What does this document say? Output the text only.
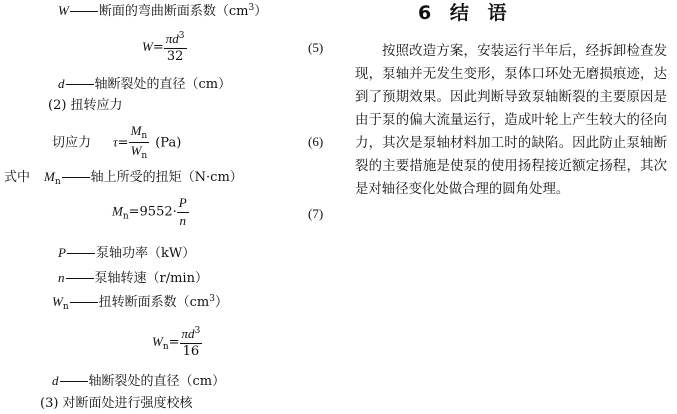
W 断面的弯曲断面系数$(cm^3)$
$W= \frac{\pi d^3}{32}$	(5)
d 轴断裂处的直径（cm）
(2) 扭转应力
切应力 $\tau= \frac{M_n}{W_n} (Pa)$	(6)
式中 $M_n$ 轴上所受的扭矩（N·cm）
$M_n=9552\cdot \frac{P}{n}$	(7)
P 泵轴功率（kW）
n 泵轴转速（r/min）
$W_n$ 扭转断面系数$(cm^3)$
$W_n= \frac{\pi d^3}{16}$
d 轴断裂处的直径（cm）
(3) 对断面处进行强度校核
6 结 语
按照改造方案，安装运行半年后，经拆卸检查发现，泵轴并无发生变形，泵体口环处无磨损痕迹，达到了预期效果。因此判断导致泵轴断裂的主要原因是由于泵的偏大流量运行，造成叶轮上产生较大的径向力，其次是泵轴材料加工时的缺陷。因此防止泵轴断裂的主要措施是使泵的使用扬程接近额定扬程，其次是对轴径变化处做合理的圆角处理。
